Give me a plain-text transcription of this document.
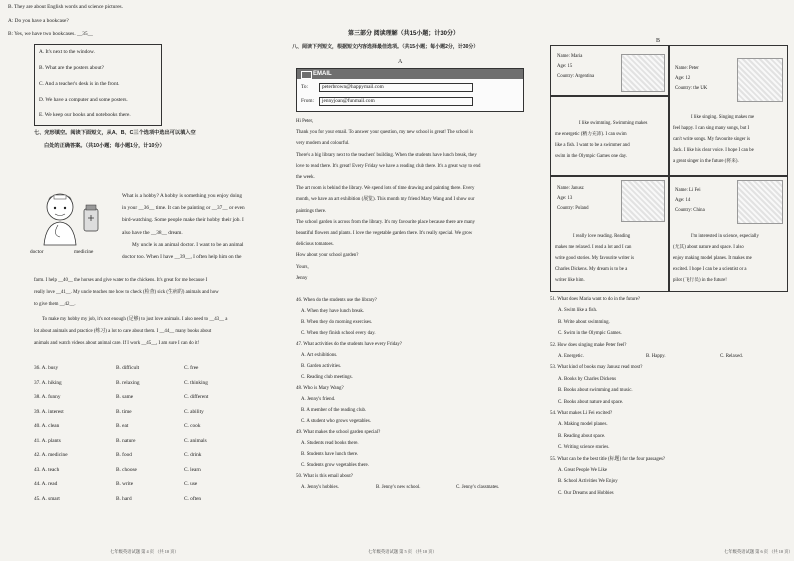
B. They are about English words and science pictures.
A: Do you have a bookcase?
B: Yes, we have two bookcases. __35__
A. It's next to the window.
B. What are the posters about?
C. And a teacher's desk is in the front.
D. We have a computer and some posters.
E. We keep our books and notebooks there.
七、完形填空。阅读下面短文，从A、B、C三个选项中选出可以填入空
白处的正确答案。（共10小题；每小题1分，计10分）
doctor	medicine
What is a hobby? A hobby is something you enjoy doing
in your __36__ time. It can be painting or __37__ or even
bird-watching. Some people make their hobby their job. I
also have the __38__ dream.
My uncle is an animal doctor. I want to be an animal
doctor too. When I have __39__, I often help him on the
farm. I help __40__ the horses and give water to the chickens. It's great for me because I
really love __41__. My uncle teaches me how to check (检查) sick (生病的) animals and how
to give them __42__.
To make my hobby my job, it's not enough (足够) to just love animals. I also need to __43__ a
lot about animals and practice (练习) a lot to care about them. I __44__ many books about
animals and watch videos about animal care. If I work __45__, I am sure I can do it!
36. A. busy	B. difficult	C. free
37. A. hiking	B. relaxing	C. thinking
38. A. funny	B. same	C. different
39. A. interest	B. time	C. ability
40. A. clean	B. eat	C. cook
41. A. plants	B. nature	C. animals
42. A. medicine	B. food	C. drink
43. A. teach	B. choose	C. learn
44. A. read	B. write	C. use
45. A. smart	B. hard	C. often
七年级英语试题 第 4 页 （共 10 页）
第三部分 阅读理解（共15小题；计30分）
八、阅读下列短文，根据短文内容选择最佳选项。（共15小题；每小题2分，计30分）
A
EMAIL
To:	peterbrown@happymail.com
From:	jennyjoan@funmail.com
Hi Peter,
Thank you for your email. To answer your question, my new school is great! The school is
very modern and colourful.
There's a big library next to the teachers' building. When the students have lunch break, they
love to read there. It's great! Every Friday we have a reading club there. It's a great way to end
the week.
The art room is behind the library. We spend lots of time drawing and painting there. Every
month, we have an art exhibition (展览). This month my friend Mary Wang and I show our
paintings there.
The school garden is across from the library. It's my favourite place because there are many
beautiful flowers and plants. I love the vegetable garden there. It's really special. We grow
delicious tomatoes.
How about your school garden?
Yours,
Jenny
46. When do the students use the library?
A. When they have lunch break.
B. When they do morning exercises.
C. When they finish school every day.
47. What activities do the students have every Friday?
A. Art exhibitions.
B. Garden activities.
C. Reading club meetings.
48. Who is Mary Wang?
A. Jenny's friend.
B. A member of the reading club.
C. A student who grows vegetables.
49. What makes the school garden special?
A. Students read books there.
B. Students have lunch there.
C. Students grow vegetables there.
50. What is this email about?
A. Jenny's hobbies.	B. Jenny's new school.	C. Jenny's classmates.
七年级英语试题 第 5 页 （共 10 页）
B
Name: Maria
Age: 15
Country: Argentina
I like swimming. Swimming makes
me energetic (精力充沛). I can swim
like a fish. I want to be a swimmer and
swim in the Olympic Games one day.
Name: Peter
Age: 12
Country: the UK
I like singing. Singing makes me
feel happy. I can sing many songs, but I
can't write songs. My favourite singer is
Jack. I like his clear voice. I hope I can be
a great singer in the future (将来).
Name: Janusz
Age: 13
Country: Poland
I really love reading. Reading
makes me relaxed. I read a lot and I can
write good stories. My favourite writer is
Charles Dickens. My dream is to be a
writer like him.
Name: Li Fei
Age: 14
Country: China
I'm interested in science, especially
(尤其) about nature and space. I also
enjoy making model planes. It makes me
excited. I hope I can be a scientist or a
pilot (飞行员) in the future!
51. What does Maria want to do in the future?
A. Swim like a fish.
B. Write about swimming.
C. Swim in the Olympic Games.
52. How does singing make Peter feel?
A. Energetic.	B. Happy.	C. Relaxed.
53. What kind of books may Janusz read most?
A. Books by Charles Dickens
B. Books about swimming and music.
C. Books about nature and space.
54. What makes Li Fei excited?
A. Making model planes.
B. Reading about space.
C. Writing science stories.
55. What can be the best title (标题) for the four passages?
A. Great People We Like
B. School Activities We Enjoy
C. Our Dreams and Hobbies
七年级英语试题 第 6 页 （共 10 页）
